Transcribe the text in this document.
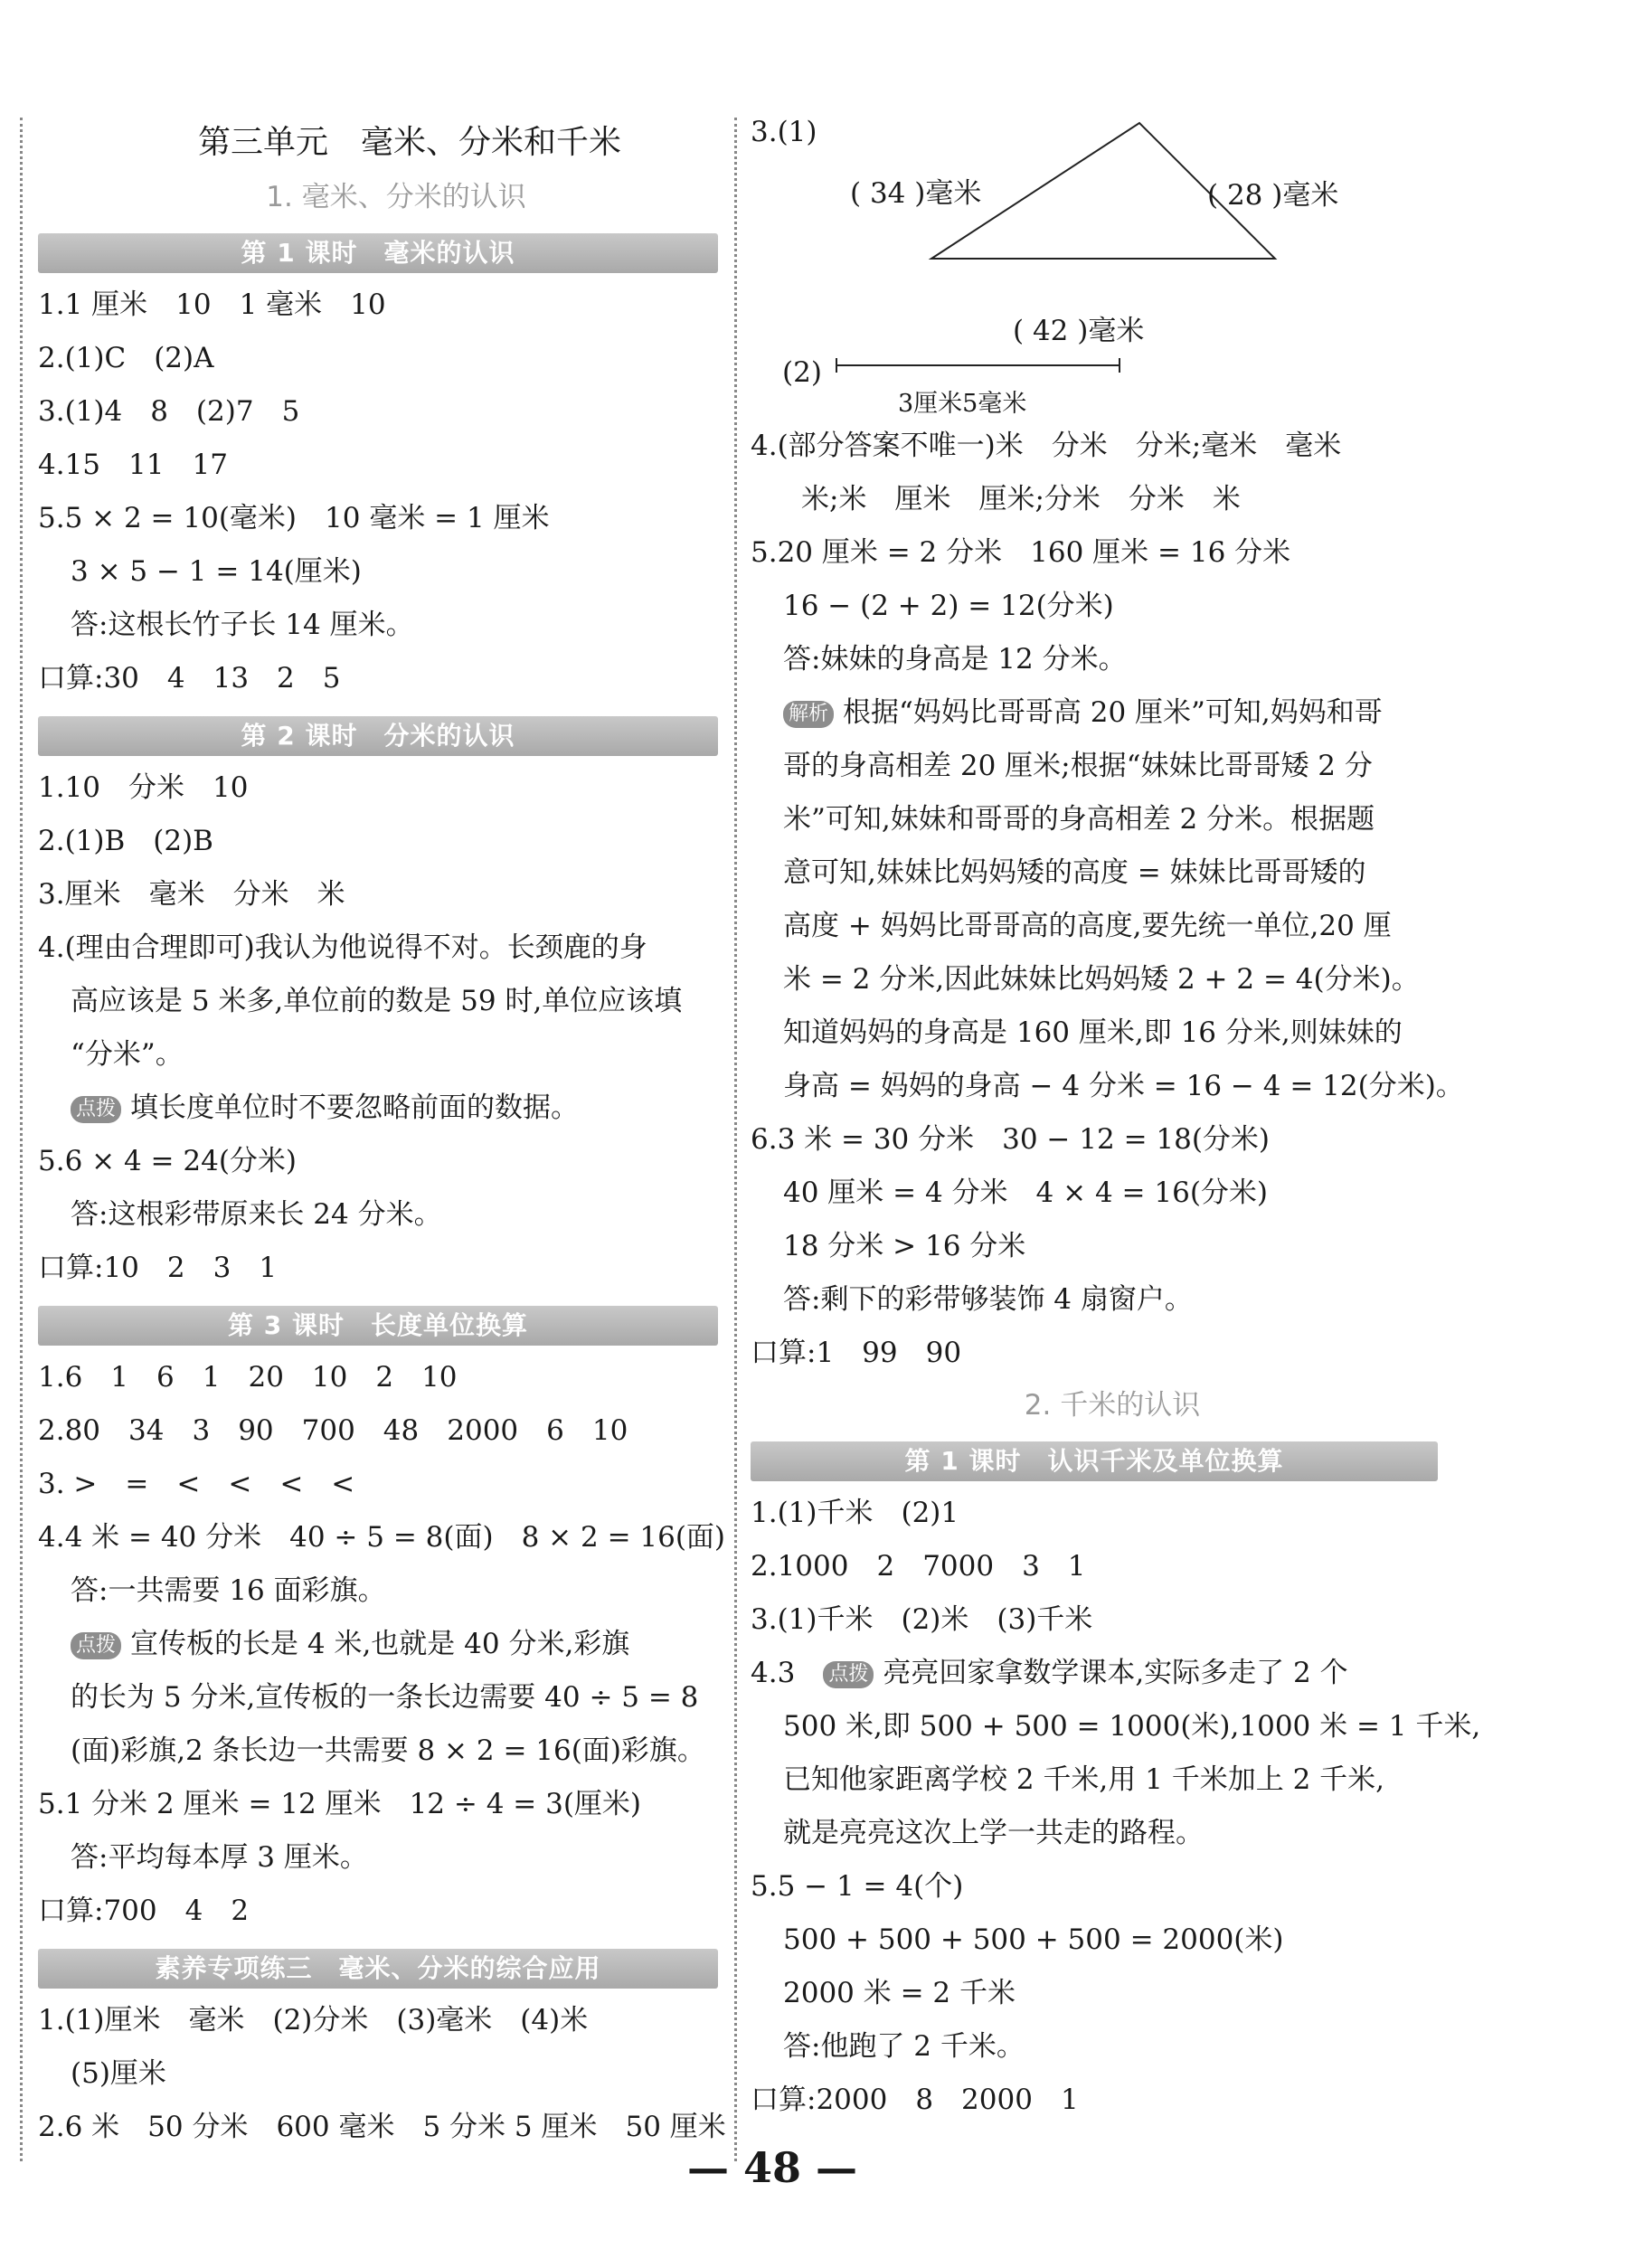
第三单元　毫米、分米和千米
1. 毫米、分米的认识
第 1 课时　毫米的认识
1.1 厘米　10　1 毫米　10
2.(1)C　(2)A
3.(1)4　8　(2)7　5
4.15　11　17
5.5 × 2 = 10(毫米)　10 毫米 = 1 厘米
3 × 5 − 1 = 14(厘米)
答:这根长竹子长 14 厘米。
口算:30　4　13　2　5
第 2 课时　分米的认识
1.10　分米　10
2.(1)B　(2)B
3.厘米　毫米　分米　米
4.(理由合理即可)我认为他说得不对。长颈鹿的身
高应该是 5 米多,单位前的数是 59 时,单位应该填
“分米”。
点拨 填长度单位时不要忽略前面的数据。
5.6 × 4 = 24(分米)
答:这根彩带原来长 24 分米。
口算:10　2　3　1
第 3 课时　长度单位换算
1.6　1　6　1　20　10　2　10
2.80　34　3　90　700　48　2000　6　10
3. >　=　<　<　<　<
4.4 米 = 40 分米　40 ÷ 5 = 8(面)　8 × 2 = 16(面)
答:一共需要 16 面彩旗。
点拨 宣传板的长是 4 米,也就是 40 分米,彩旗
的长为 5 分米,宣传板的一条长边需要 40 ÷ 5 = 8
(面)彩旗,2 条长边一共需要 8 × 2 = 16(面)彩旗。
5.1 分米 2 厘米 = 12 厘米　12 ÷ 4 = 3(厘米)
答:平均每本厚 3 厘米。
口算:700　4　2
素养专项练三　毫米、分米的综合应用
1.(1)厘米　毫米　(2)分米　(3)毫米　(4)米
(5)厘米
2.6 米　50 分米　600 毫米　5 分米 5 厘米　50 厘米
3.(1)
( 34 )毫米	( 28 )毫米
( 42 )毫米
(2)
3厘米5毫米
4.(部分答案不唯一)米　分米　分米;毫米　毫米
米;米　厘米　厘米;分米　分米　米
5.20 厘米 = 2 分米　160 厘米 = 16 分米
16 − (2 + 2) = 12(分米)
答:妹妹的身高是 12 分米。
解析 根据“妈妈比哥哥高 20 厘米”可知,妈妈和哥
哥的身高相差 20 厘米;根据“妹妹比哥哥矮 2 分
米”可知,妹妹和哥哥的身高相差 2 分米。根据题
意可知,妹妹比妈妈矮的高度 = 妹妹比哥哥矮的
高度 + 妈妈比哥哥高的高度,要先统一单位,20 厘
米 = 2 分米,因此妹妹比妈妈矮 2 + 2 = 4(分米)。
知道妈妈的身高是 160 厘米,即 16 分米,则妹妹的
身高 = 妈妈的身高 − 4 分米 = 16 − 4 = 12(分米)。
6.3 米 = 30 分米　30 − 12 = 18(分米)
40 厘米 = 4 分米　4 × 4 = 16(分米)
18 分米 > 16 分米
答:剩下的彩带够装饰 4 扇窗户。
口算:1　99　90
2. 千米的认识
第 1 课时　认识千米及单位换算
1.(1)千米　(2)1
2.1000　2　7000　3　1
3.(1)千米　(2)米　(3)千米
4.3　 点拨 亮亮回家拿数学课本,实际多走了 2 个
500 米,即 500 + 500 = 1000(米),1000 米 = 1 千米,
已知他家距离学校 2 千米,用 1 千米加上 2 千米,
就是亮亮这次上学一共走的路程。
5.5 − 1 = 4(个)
500 + 500 + 500 + 500 = 2000(米)
2000 米 = 2 千米
答:他跑了 2 千米。
口算:2000　8　2000　1
— 48 —
